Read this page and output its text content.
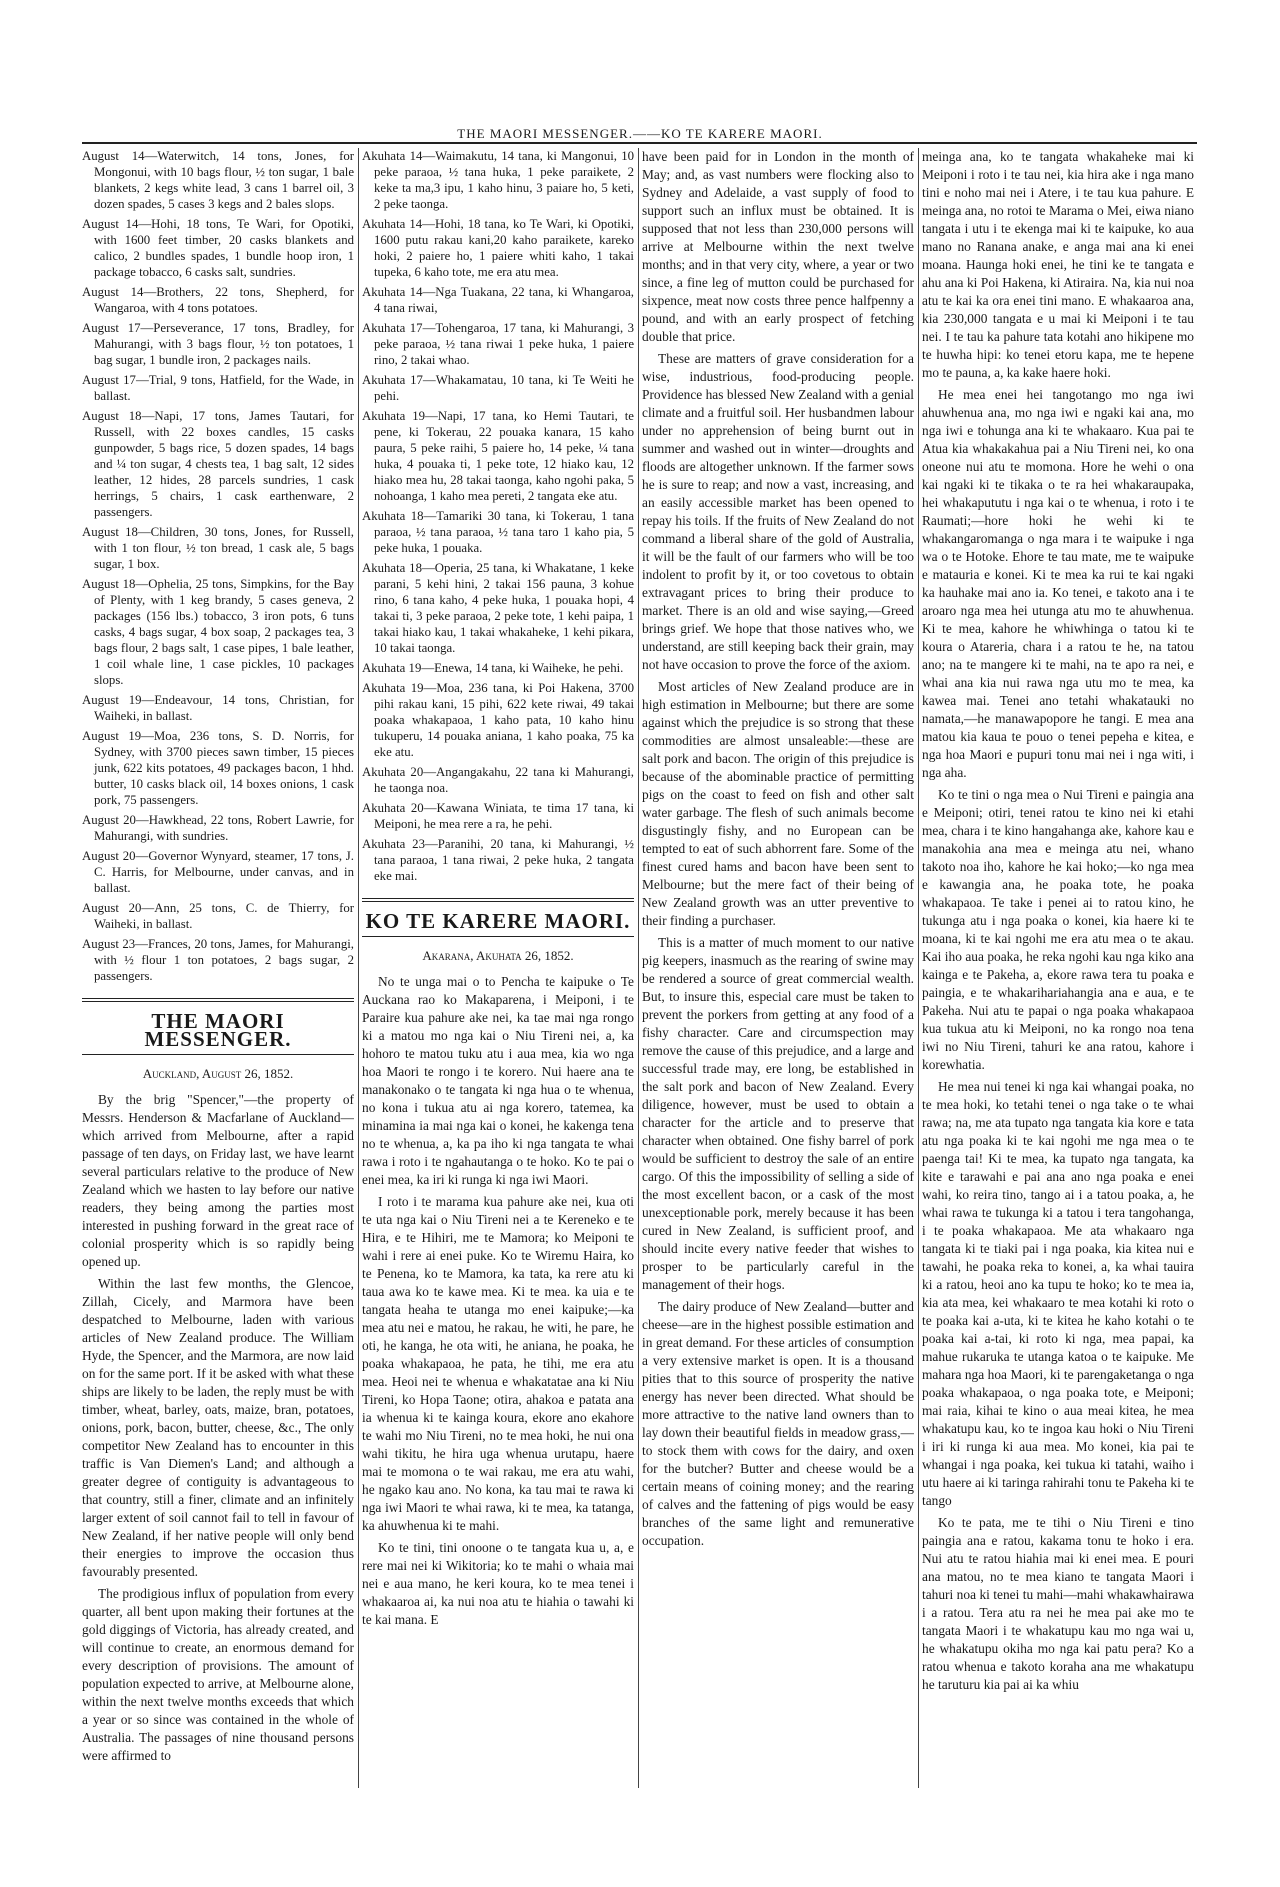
THE MAORI MESSENGER.——KO TE KARERE MAORI.

August 14—Waterwitch, 14 tons, Jones, for Mongonui, with 10 bags flour, ½ ton sugar, 1 bale blankets, 2 kegs white lead, 3 cans 1 barrel oil, 3 dozen spades, 5 cases 3 kegs and 2 bales slops.

August 14—Hohi, 18 tons, Te Wari, for Opotiki, with 1600 feet timber, 20 casks blankets and calico, 2 bundles spades, 1 bundle hoop iron, 1 package tobacco, 6 casks salt, sundries.

August 14—Brothers, 22 tons, Shepherd, for Wangaroa, with 4 tons potatoes.

August 17—Perseverance, 17 tons, Bradley, for Mahurangi, with 3 bags flour, ½ ton potatoes, 1 bag sugar, 1 bundle iron, 2 packages nails.

August 17—Trial, 9 tons, Hatfield, for the Wade, in ballast.

August 18—Napi, 17 tons, James Tautari, for Russell, with 22 boxes candles, 15 casks gunpowder, 5 bags rice, 5 dozen spades, 14 bags and ¼ ton sugar, 4 chests tea, 1 bag salt, 12 sides leather, 12 hides, 28 parcels sundries, 1 cask herrings, 5 chairs, 1 cask earthenware, 2 passengers.

August 18—Children, 30 tons, Jones, for Russell, with 1 ton flour, ½ ton bread, 1 cask ale, 5 bags sugar, 1 box.

August 18—Ophelia, 25 tons, Simpkins, for the Bay of Plenty, with 1 keg brandy, 5 cases geneva, 2 packages (156 lbs.) tobacco, 3 iron pots, 6 tuns casks, 4 bags sugar, 4 box soap, 2 packages tea, 3 bags flour, 2 bags salt, 1 case pipes, 1 bale leather, 1 coil whale line, 1 case pickles, 10 packages slops.

August 19—Endeavour, 14 tons, Christian, for Waiheki, in ballast.

August 19—Moa, 236 tons, S. D. Norris, for Sydney, with 3700 pieces sawn timber, 15 pieces junk, 622 kits potatoes, 49 packages bacon, 1 hhd. butter, 10 casks black oil, 14 boxes onions, 1 cask pork, 75 passengers.

August 20—Hawkhead, 22 tons, Robert Lawrie, for Mahurangi, with sundries.

August 20—Governor Wynyard, steamer, 17 tons, J. C. Harris, for Melbourne, under canvas, and in ballast.

August 20—Ann, 25 tons, C. de Thierry, for Waiheki, in ballast.

August 23—Frances, 20 tons, James, for Mahurangi, with ½ flour 1 ton potatoes, 2 bags sugar, 2 passengers.

THE MAORI MESSENGER.
Auckland, August 26, 1852.

By the brig "Spencer,"—the property of Messrs. Henderson & Macfarlane of Auckland—which arrived from Melbourne, after a rapid passage of ten days, on Friday last, we have learnt several particulars relative to the produce of New Zealand which we hasten to lay before our native readers, they being among the parties most interested in pushing forward in the great race of colonial prosperity which is so rapidly being opened up.

Within the last few months, the Glencoe, Zillah, Cicely, and Marmora have been despatched to Melbourne, laden with various articles of New Zealand produce. The William Hyde, the Spencer, and the Marmora, are now laid on for the same port. If it be asked with what these ships are likely to be laden, the reply must be with timber, wheat, barley, oats, maize, bran, potatoes, onions, pork, bacon, butter, cheese, &c., The only competitor New Zealand has to encounter in this traffic is Van Diemen's Land; and although a greater degree of contiguity is advantageous to that country, still a finer, climate and an infinitely larger extent of soil cannot fail to tell in favour of New Zealand, if her native people will only bend their energies to improve the occasion thus favourably presented.

The prodigious influx of population from every quarter, all bent upon making their fortunes at the gold diggings of Victoria, has already created, and will continue to create, an enormous demand for every description of provisions. The amount of population expected to arrive, at Melbourne alone, within the next twelve months exceeds that which a year or so since was contained in the whole of Australia. The passages of nine thousand persons were affirmed to

Akuhata 14—Waimakutu, 14 tana, ki Mangonui, 10 peke paraoa, ½ tana huka, 1 peke paraikete, 2 keke ta ma,3 ipu, 1 kaho hinu, 3 paiare ho, 5 keti, 2 peke taonga.

Akuhata 14—Hohi, 18 tana, ko Te Wari, ki Opotiki, 1600 putu rakau kani,20 kaho paraikete, kareko hoki, 2 paiere ho, 1 paiere whiti kaho, 1 takai tupeka, 6 kaho tote, me era atu mea.

Akuhata 14—Nga Tuakana, 22 tana, ki Whangaroa, 4 tana riwai,

Akuhata 17—Tohengaroa, 17 tana, ki Mahurangi, 3 peke paraoa, ½ tana riwai 1 peke huka, 1 paiere rino, 2 takai whao.

Akuhata 17—Whakamatau, 10 tana, ki Te Weiti he pehi.

Akuhata 19—Napi, 17 tana, ko Hemi Tautari, te pene, ki Tokerau, 22 pouaka kanara, 15 kaho paura, 5 peke raihi, 5 paiere ho, 14 peke, ¼ tana huka, 4 pouaka ti, 1 peke tote, 12 hiako kau, 12 hiako mea hu, 28 takai taonga, kaho ngohi paka, 5 nohoanga, 1 kaho mea pereti, 2 tangata eke atu.

Akuhata 18—Tamariki 30 tana, ki Tokerau, 1 tana paraoa, ½ tana paraoa, ½ tana taro 1 kaho pia, 5 peke huka, 1 pouaka.

Akuhata 18—Operia, 25 tana, ki Whakatane, 1 keke parani, 5 kehi hini, 2 takai 156 pauna, 3 kohue rino, 6 tana kaho, 4 peke huka, 1 pouaka hopi, 4 takai ti, 3 peke paraoa, 2 peke tote, 1 kehi paipa, 1 takai hiako kau, 1 takai whakaheke, 1 kehi pikara, 10 takai taonga.

Akuhata 19—Enewa, 14 tana, ki Waiheke, he pehi.

Akuhata 19—Moa, 236 tana, ki Poi Hakena, 3700 pihi rakau kani, 15 pihi, 622 kete riwai, 49 takai poaka whakapaoa, 1 kaho pata, 10 kaho hinu tukuperu, 14 pouaka aniana, 1 kaho poaka, 75 ka eke atu.

Akuhata 20—Angangakahu, 22 tana ki Mahurangi, he taonga noa.

Akuhata 20—Kawana Winiata, te tima 17 tana, ki Meiponi, he mea rere a ra, he pehi.

Akuhata 23—Paranihi, 20 tana, ki Mahurangi, ½ tana paraoa, 1 tana riwai, 2 peke huka, 2 tangata eke mai.

KO TE KARERE MAORI.
Akarana, Akuhata 26, 1852.

No te unga mai o to Pencha te kaipuke o Te Auckana rao ko Makaparena, i Meiponi, i te Paraire kua pahure ake nei, ka tae mai nga rongo ki a matou mo nga kai o Niu Tireni nei, a, ka hohoro te matou tuku atu i aua mea, kia wo nga hoa Maori te rongo i te korero. Nui haere ana te manakonako o te tangata ki nga hua o te whenua, no kona i tukua atu ai nga korero, tatemea, ka minamina ia mai nga kai o konei, he kakenga tena no te whenua, a, ka pa iho ki nga tangata te whai rawa i roto i te ngahautanga o te hoko. Ko te pai o enei mea, ka iri ki runga ki nga iwi Maori.

I roto i te marama kua pahure ake nei, kua oti te uta nga kai o Niu Tireni nei a te Kereneko e te Hira, e te Hihiri, me te Mamora; ko Meiponi te wahi i rere ai enei puke. Ko te Wiremu Haira, ko te Penena, ko te Mamora, ka tata, ka rere atu ki taua awa ko te kawe mea. Ki te mea. ka uia e te tangata heaha te utanga mo enei kaipuke;—ka mea atu nei e matou, he rakau, he witi, he pare, he oti, he kanga, he ota witi, he aniana, he poaka, he poaka whakapaoa, he pata, he tihi, me era atu mea. Heoi nei te whenua e whakatatae ana ki Niu Tireni, ko Hopa Taone; otira, ahakoa e patata ana ia whenua ki te kainga koura, ekore ano ekahore te wahi mo Niu Tireni, no te mea hoki, he nui ona wahi tikitu, he hira uga whenua urutapu, haere mai te momona o te wai rakau, me era atu wahi, he ngako kau ano. No kona, ka tau mai te rawa ki nga iwi Maori te whai rawa, ki te mea, ka tatanga, ka ahuwhenua ki te mahi.

Ko te tini, tini onoone o te tangata kua u, a, e rere mai nei ki Wikitoria; ko te mahi o whaia mai nei e aua mano, he keri koura, ko te mea tenei i whakaaroa ai, ka nui noa atu te hiahia o tawahi ki te kai mana. E

have been paid for in London in the month of May; and, as vast numbers were flocking also to Sydney and Adelaide, a vast supply of food to support such an influx must be obtained. It is supposed that not less than 230,000 persons will arrive at Melbourne within the next twelve months; and in that very city, where, a year or two since, a fine leg of mutton could be purchased for sixpence, meat now costs three pence halfpenny a pound, and with an early prospect of fetching double that price.

These are matters of grave consideration for a wise, industrious, food-producing people. Providence has blessed New Zealand with a genial climate and a fruitful soil. Her husbandmen labour under no apprehension of being burnt out in summer and washed out in winter—droughts and floods are altogether unknown. If the farmer sows he is sure to reap; and now a vast, increasing, and an easily accessible market has been opened to repay his toils. If the fruits of New Zealand do not command a liberal share of the gold of Australia, it will be the fault of our farmers who will be too indolent to profit by it, or too covetous to obtain extravagant prices to bring their produce to market. There is an old and wise saying,—Greed brings grief. We hope that those natives who, we understand, are still keeping back their grain, may not have occasion to prove the force of the axiom.

Most articles of New Zealand produce are in high estimation in Melbourne; but there are some against which the prejudice is so strong that these commodities are almost unsaleable:—these are salt pork and bacon. The origin of this prejudice is because of the abominable practice of permitting pigs on the coast to feed on fish and other salt water garbage. The flesh of such animals become disgustingly fishy, and no European can be tempted to eat of such abhorrent fare. Some of the finest cured hams and bacon have been sent to Melbourne; but the mere fact of their being of New Zealand growth was an utter preventive to their finding a purchaser.

This is a matter of much moment to our native pig keepers, inasmuch as the rearing of swine may be rendered a source of great commercial wealth. But, to insure this, especial care must be taken to prevent the porkers from getting at any food of a fishy character. Care and circumspection may remove the cause of this prejudice, and a large and successful trade may, ere long, be established in the salt pork and bacon of New Zealand. Every diligence, however, must be used to obtain a character for the article and to preserve that character when obtained. One fishy barrel of pork would be sufficient to destroy the sale of an entire cargo. Of this the impossibility of selling a side of the most excellent bacon, or a cask of the most unexceptionable pork, merely because it has been cured in New Zealand, is sufficient proof, and should incite every native feeder that wishes to prosper to be particularly careful in the management of their hogs.

The dairy produce of New Zealand—butter and cheese—are in the highest possible estimation and in great demand. For these articles of consumption a very extensive market is open. It is a thousand pities that to this source of prosperity the native energy has never been directed. What should be more attractive to the native land owners than to lay down their beautiful fields in meadow grass,—to stock them with cows for the dairy, and oxen for the butcher? Butter and cheese would be a certain means of coining money; and the rearing of calves and the fattening of pigs would be easy branches of the same light and remunerative occupation.

meinga ana, ko te tangata whakaheke mai ki Meiponi i roto i te tau nei, kia hira ake i nga mano tini e noho mai nei i Atere, i te tau kua pahure. E meinga ana, no rotoi te Marama o Mei, eiwa niano tangata i utu i te ekenga mai ki te kaipuke, ko aua mano no Ranana anake, e anga mai ana ki enei moana. Haunga hoki enei, he tini ke te tangata e ahu ana ki Poi Hakena, ki Atiraira. Na, kia nui noa atu te kai ka ora enei tini mano. E whakaaroa ana, kia 230,000 tangata e u mai ki Meiponi i te tau nei. I te tau ka pahure tata kotahi ano hikipene mo te huwha hipi: ko tenei etoru kapa, me te hepene mo te pauna, a, ka kake haere hoki.

He mea enei hei tangotango mo nga iwi ahuwhenua ana, mo nga iwi e ngaki kai ana, mo nga iwi e tohunga ana ki te whakaaro. Kua pai te Atua kia whakakahua pai a Niu Tireni nei, ko ona oneone nui atu te momona. Hore he wehi o ona kai ngaki ki te tikaka o te ra hei whakaraupaka, hei whakapututu i nga kai o te whenua, i roto i te Raumati;—hore hoki he wehi ki te whakangaromanga o nga mara i te waipuke i nga wa o te Hotoke. Ehore te tau mate, me te waipuke e matauria e konei. Ki te mea ka rui te kai ngaki ka hauhake mai ano ia. Ko tenei, e takoto ana i te aroaro nga mea hei utunga atu mo te ahuwhenua. Ki te mea, kahore he whiwhinga o tatou ki te koura o Atareria, chara i a ratou te he, na tatou ano; na te mangere ki te mahi, na te apo ra nei, e whai ana kia nui rawa nga utu mo te mea, ka kawea mai. Tenei ano tetahi whakatauki no namata,—he manawapopore he tangi. E mea ana matou kia kaua te pouo o tenei pepeha e kitea, e nga hoa Maori e pupuri tonu mai nei i nga witi, i nga aha.

Ko te tini o nga mea o Nui Tireni e paingia ana e Meiponi; otiri, tenei ratou te kino nei ki etahi mea, chara i te kino hangahanga ake, kahore kau e manakohia ana mea e meinga atu nei, whano takoto noa iho, kahore he kai hoko;—ko nga mea e kawangia ana, he poaka tote, he poaka whakapaoa. Te take i penei ai to ratou kino, he tukunga atu i nga poaka o konei, kia haere ki te moana, ki te kai ngohi me era atu mea o te akau. Kai iho aua poaka, he reka ngohi kau nga kiko ana kainga e te Pakeha, a, ekore rawa tera tu poaka e paingia, e te whakarihariahangia ana e aua, e te Pakeha. Nui atu te papai o nga poaka whakapaoa kua tukua atu ki Meiponi, no ka rongo noa tena iwi no Niu Tireni, tahuri ke ana ratou, kahore i korewhatia.

He mea nui tenei ki nga kai whangai poaka, no te mea hoki, ko tetahi tenei o nga take o te whai rawa; na, me ata tupato nga tangata kia kore e tata atu nga poaka ki te kai ngohi me nga mea o te paenga tai! Ki te mea, ka tupato nga tangata, ka kite e tarawahi e pai ana ano nga poaka e enei wahi, ko reira tino, tango ai i a tatou poaka, a, he whai rawa te tukunga ki a tatou i tera tangohanga, i te poaka whakapaoa. Me ata whakaaro nga tangata ki te tiaki pai i nga poaka, kia kitea nui e tawahi, he poaka reka to konei, a, ka whai tauira ki a ratou, heoi ano ka tupu te hoko; ko te mea ia, kia ata mea, kei whakaaro te mea kotahi ki roto o te poaka kai a-uta, ki te kitea he kaho kotahi o te poaka kai a-tai, ki roto ki nga, mea papai, ka mahue rukaruka te utanga katoa o te kaipuke. Me mahara nga hoa Maori, ki te parengaketanga o nga poaka whakapaoa, o nga poaka tote, e Meiponi; mai raia, kihai te kino o aua meai kitea, he mea whakatupu kau, ko te ingoa kau hoki o Niu Tireni i iri ki runga ki aua mea. Mo konei, kia pai te whangai i nga poaka, kei tukua ki tatahi, waiho i utu haere ai ki taringa rahirahi tonu te Pakeha ki te tango

Ko te pata, me te tihi o Niu Tireni e tino paingia ana e ratou, kakama tonu te hoko i era. Nui atu te ratou hiahia mai ki enei mea. E pouri ana matou, no te mea kiano te tangata Maori i tahuri noa ki tenei tu mahi—mahi whakawhairawa i a ratou. Tera atu ra nei he mea pai ake mo te tangata Maori i te whakatupu kau mo nga wai u, he whakatupu okiha mo nga kai patu pera? Ko a ratou whenua e takoto koraha ana me whakatupu he taruturu kia pai ai ka whiu
